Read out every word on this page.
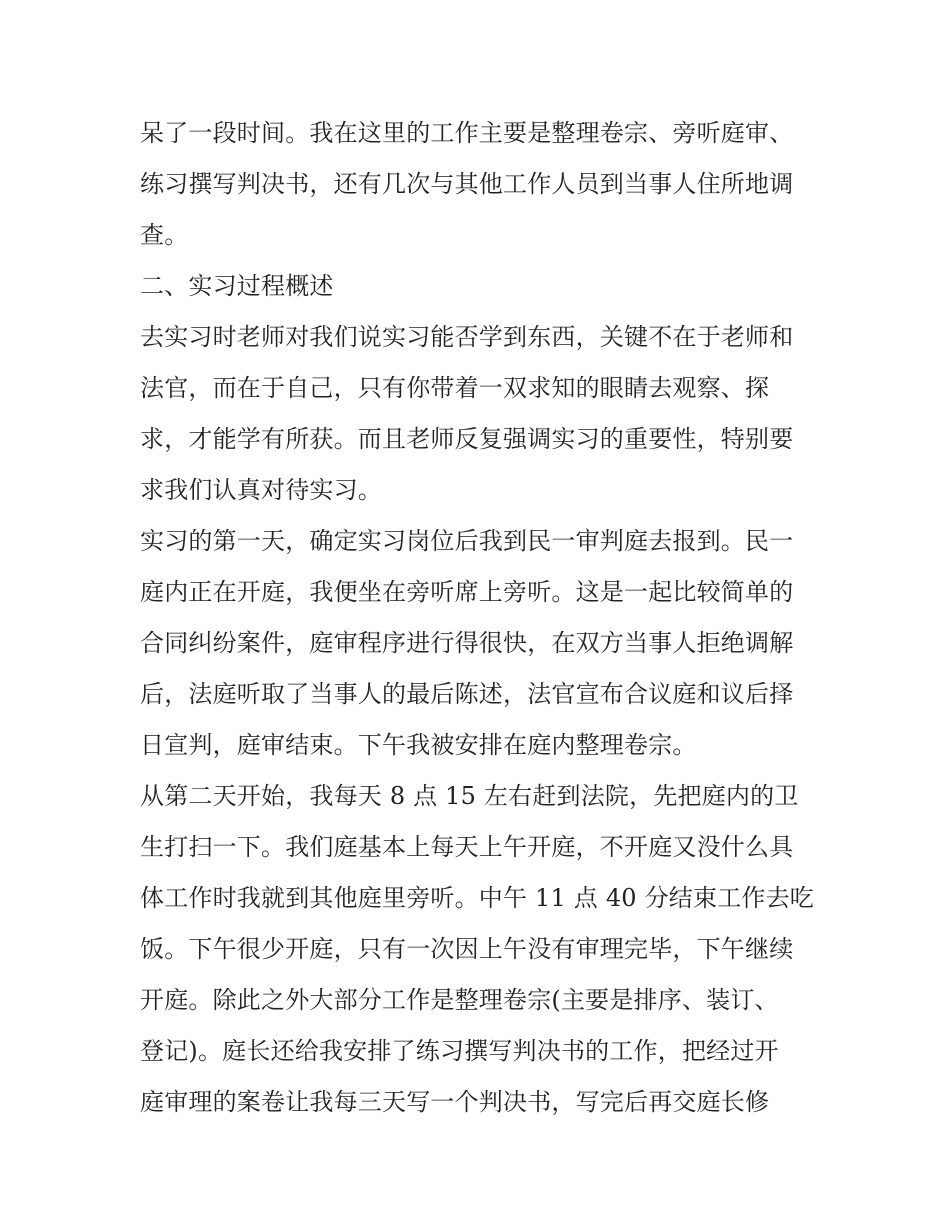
呆了一段时间。我在这里的工作主要是整理卷宗、旁听庭审、
练习撰写判决书，还有几次与其他工作人员到当事人住所地调
查。
二、实习过程概述
去实习时老师对我们说实习能否学到东西，关键不在于老师和
法官，而在于自己，只有你带着一双求知的眼睛去观察、探
求，才能学有所获。而且老师反复强调实习的重要性，特别要
求我们认真对待实习。
实习的第一天，确定实习岗位后我到民一审判庭去报到。民一
庭内正在开庭，我便坐在旁听席上旁听。这是一起比较简单的
合同纠纷案件，庭审程序进行得很快，在双方当事人拒绝调解
后，法庭听取了当事人的最后陈述，法官宣布合议庭和议后择
日宣判，庭审结束。下午我被安排在庭内整理卷宗。
从第二天开始，我每天 8 点 15 左右赶到法院，先把庭内的卫
生打扫一下。我们庭基本上每天上午开庭，不开庭又没什么具
体工作时我就到其他庭里旁听。中午 11 点 40 分结束工作去吃
饭。下午很少开庭，只有一次因上午没有审理完毕，下午继续
开庭。除此之外大部分工作是整理卷宗(主要是排序、装订、
登记)。庭长还给我安排了练习撰写判决书的工作，把经过开
庭审理的案卷让我每三天写一个判决书，写完后再交庭长修
